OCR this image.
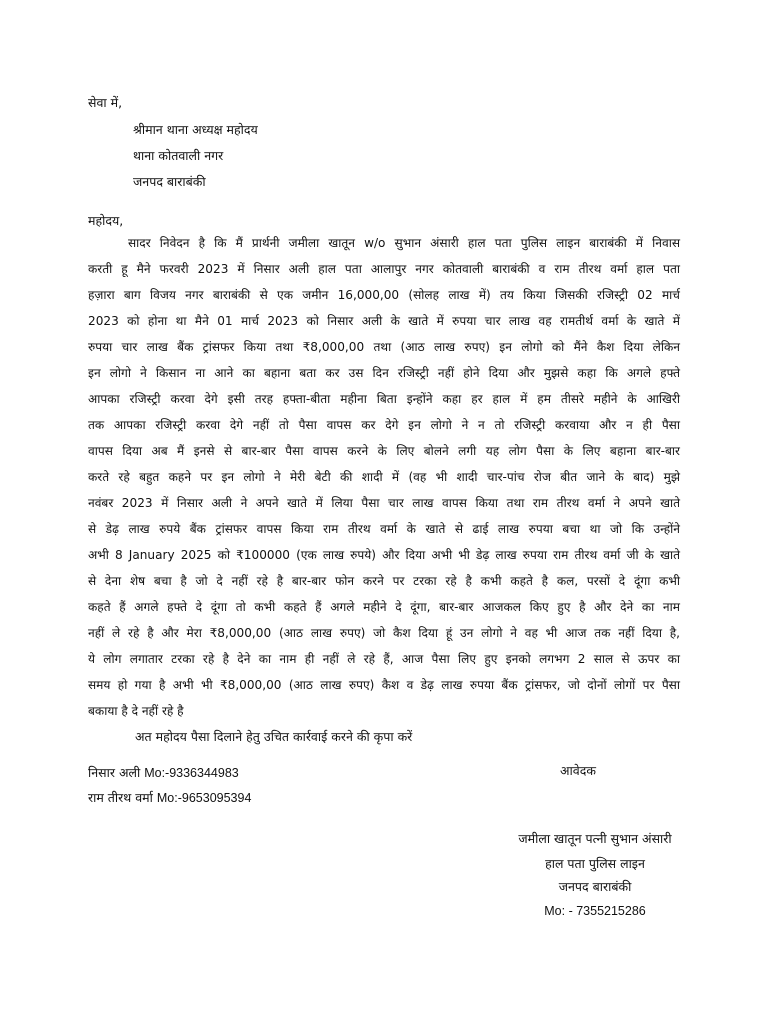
सेवा में,
श्रीमान थाना अध्यक्ष महोदय
थाना कोतवाली नगर
जनपद बाराबंकी
महोदय,
सादर निवेदन है कि मैं प्रार्थनी जमीला खातून w/o सुभान अंसारी हाल पता पुलिस लाइन बाराबंकी में निवास
करती हू मैने फरवरी 2023 में निसार अली हाल पता आलापुर नगर कोतवाली बाराबंकी व राम तीरथ वर्मा हाल पता
हज़ारा बाग विजय नगर बाराबंकी से एक जमीन 16,000,00 (सोलह लाख में) तय किया जिसकी रजिस्ट्री 02 मार्च
2023 को होना था मैने 01 मार्च 2023 को निसार अली के खाते में रुपया चार लाख वह रामतीर्थ वर्मा के खाते में
रुपया चार लाख बैंक ट्रांसफर किया तथा ₹8,000,00 तथा (आठ लाख रुपए) इन लोगो को मैंने कैश दिया लेकिन
इन लोगो ने किसान ना आने का बहाना बता कर उस दिन रजिस्ट्री नहीं होने दिया और मुझसे कहा कि अगले हफ्ते
आपका रजिस्ट्री करवा देगे इसी तरह हफ्ता-बीता महीना बिता इन्होंने कहा हर हाल में हम तीसरे महीने के आखिरी
तक आपका रजिस्ट्री करवा देगे नहीं तो पैसा वापस कर देगे इन लोगो ने न तो रजिस्ट्री करवाया और न ही पैसा
वापस दिया अब मैं इनसे से बार-बार पैसा वापस करने के लिए बोलने लगी यह लोग पैसा के लिए बहाना बार-बार
करते रहे बहुत कहने पर इन लोगो ने मेरी बेटी की शादी में (वह भी शादी चार-पांच रोज बीत जाने के बाद) मुझे
नवंबर 2023 में निसार अली ने अपने खाते में लिया पैसा चार लाख वापस किया तथा राम तीरथ वर्मा ने अपने खाते
से डेढ़ लाख रुपये बैंक ट्रांसफर वापस किया राम तीरथ वर्मा के खाते से ढाई लाख रुपया बचा था जो कि उन्होंने
अभी 8 January 2025 को ₹100000 (एक लाख रुपये) और दिया अभी भी डेढ़ लाख रुपया राम तीरथ वर्मा जी के खाते
से देना शेष बचा है जो दे नहीं रहे है बार-बार फोन करने पर टरका रहे है कभी कहते है कल, परसों दे दूंगा कभी
कहते हैं अगले हफ्ते दे दूंगा तो कभी कहते हैं अगले महीने दे दूंगा, बार-बार आजकल किए हुए है और देने का नाम
नहीं ले रहे है और मेरा ₹8,000,00 (आठ लाख रुपए) जो कैश दिया हूं उन लोगो ने वह भी आज तक नहीं दिया है,
ये लोग लगातार टरका रहे है देने का नाम ही नहीं ले रहे हैं, आज पैसा लिए हुए इनको लगभग 2 साल से ऊपर का
समय हो गया है अभी भी ₹8,000,00 (आठ लाख रुपए) कैश व डेढ़ लाख रुपया बैंक ट्रांसफर, जो दोनों लोगों पर पैसा
बकाया है दे नहीं रहे है
अत महोदय पैसा दिलाने हेतु उचित कार्रवाई करने की कृपा करें
आवेदक
निसार अली Mo:-9336344983
राम तीरथ वर्मा Mo:-9653095394
जमीला खातून पत्नी सुभान अंसारी
हाल पता पुलिस लाइन
जनपद बाराबंकी
Mo: - 7355215286
